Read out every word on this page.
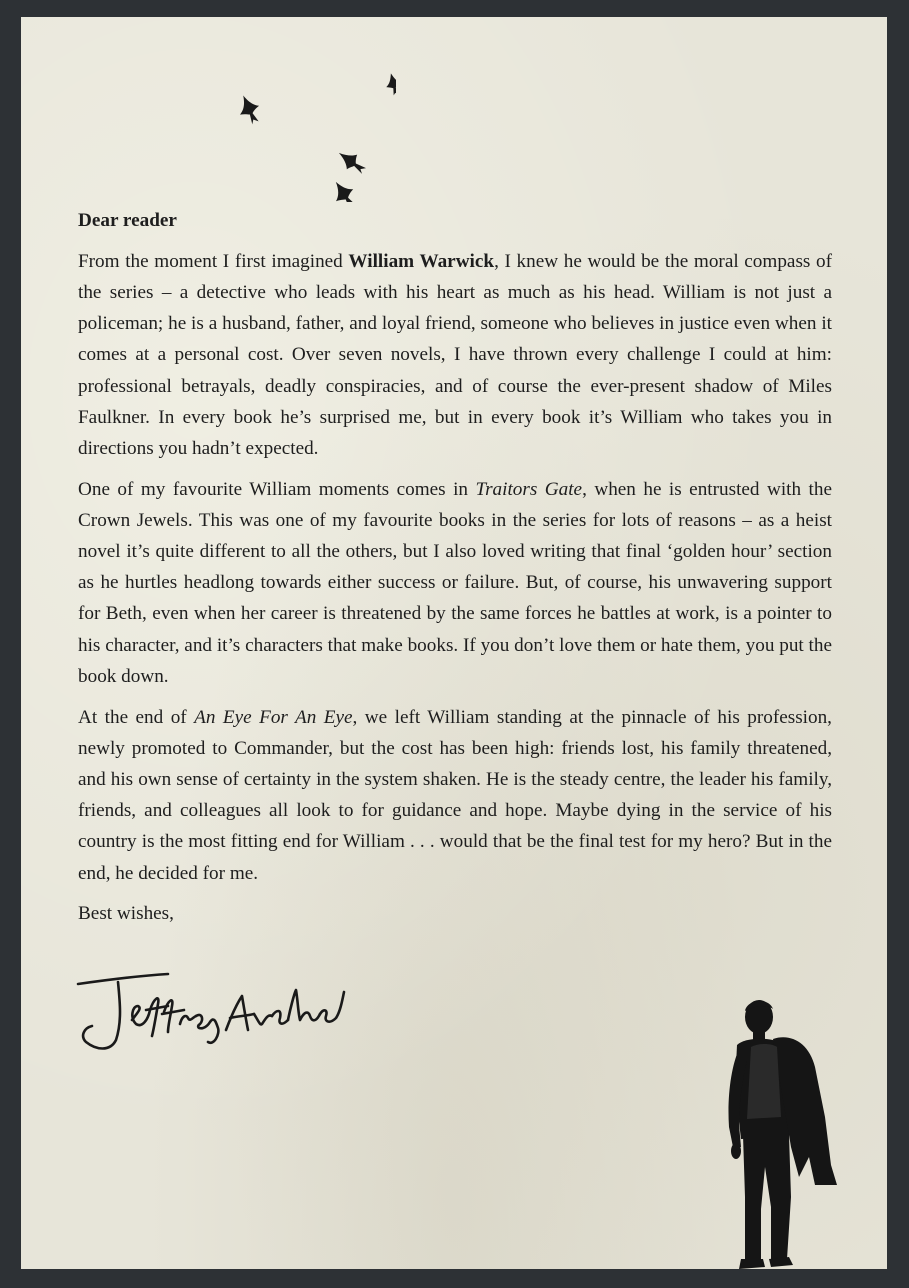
Dear reader

From the moment I first imagined William Warwick, I knew he would be the moral compass of the series – a detective who leads with his heart as much as his head. William is not just a policeman; he is a husband, father, and loyal friend, someone who believes in justice even when it comes at a personal cost. Over seven novels, I have thrown every challenge I could at him: professional betrayals, deadly conspiracies, and of course the ever-present shadow of Miles Faulkner. In every book he’s surprised me, but in every book it’s William who takes you in directions you hadn’t expected.

One of my favourite William moments comes in Traitors Gate, when he is entrusted with the Crown Jewels. This was one of my favourite books in the series for lots of reasons – as a heist novel it’s quite different to all the others, but I also loved writing that final ‘golden hour’ section as he hurtles headlong towards either success or failure. But, of course, his unwavering support for Beth, even when her career is threatened by the same forces he battles at work, is a pointer to his character, and it’s characters that make books. If you don’t love them or hate them, you put the book down.

At the end of An Eye For An Eye, we left William standing at the pinnacle of his profession, newly promoted to Commander, but the cost has been high: friends lost, his family threatened, and his own sense of certainty in the system shaken. He is the steady centre, the leader his family, friends, and colleagues all look to for guidance and hope. Maybe dying in the service of his country is the most fitting end for William . . . would that be the final test for my hero? But in the end, he decided for me.

Best wishes,
